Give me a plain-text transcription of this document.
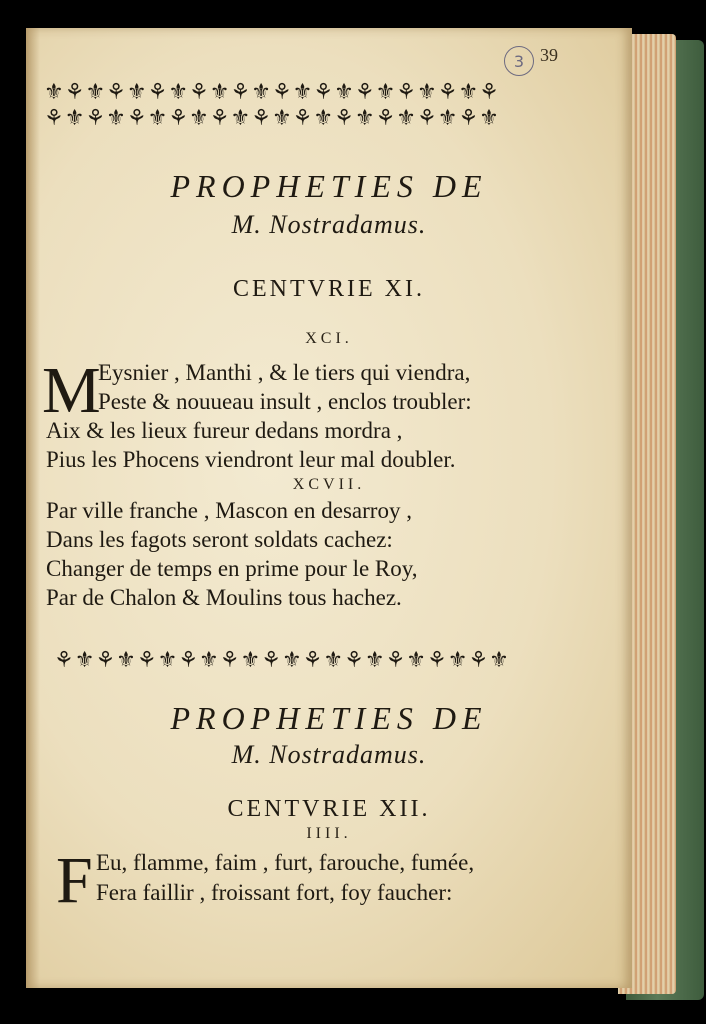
3 39
⚜⚘⚜⚘⚜⚘⚜⚘⚜⚘⚜⚘⚜⚘⚜⚘⚜⚘⚜⚘⚜⚘
⚘⚜⚘⚜⚘⚜⚘⚜⚘⚜⚘⚜⚘⚜⚘⚜⚘⚜⚘⚜⚘⚜
PROPHETIES DE
M. Nostradamus.
CENTVRIE XI.
XCI.
M
Eysnier , Manthi , & le tiers qui viendra,
Peste & nouueau insult , enclos troubler:
Aix & les lieux fureur dedans mordra ,
Pius les Phocens viendront leur mal doubler.
XCVII.
Par ville franche , Mascon en desarroy ,
Dans les fagots seront soldats cachez:
Changer de temps en prime pour le Roy,
Par de Chalon & Moulins tous hachez.
⚘⚜⚘⚜⚘⚜⚘⚜⚘⚜⚘⚜⚘⚜⚘⚜⚘⚜⚘⚜⚘⚜
PROPHETIES DE
M. Nostradamus.
CENTVRIE XII.
IIII.
F Eu, flamme, faim , furt, farouche, fumée,
Fera faillir , froissant fort, foy faucher:
